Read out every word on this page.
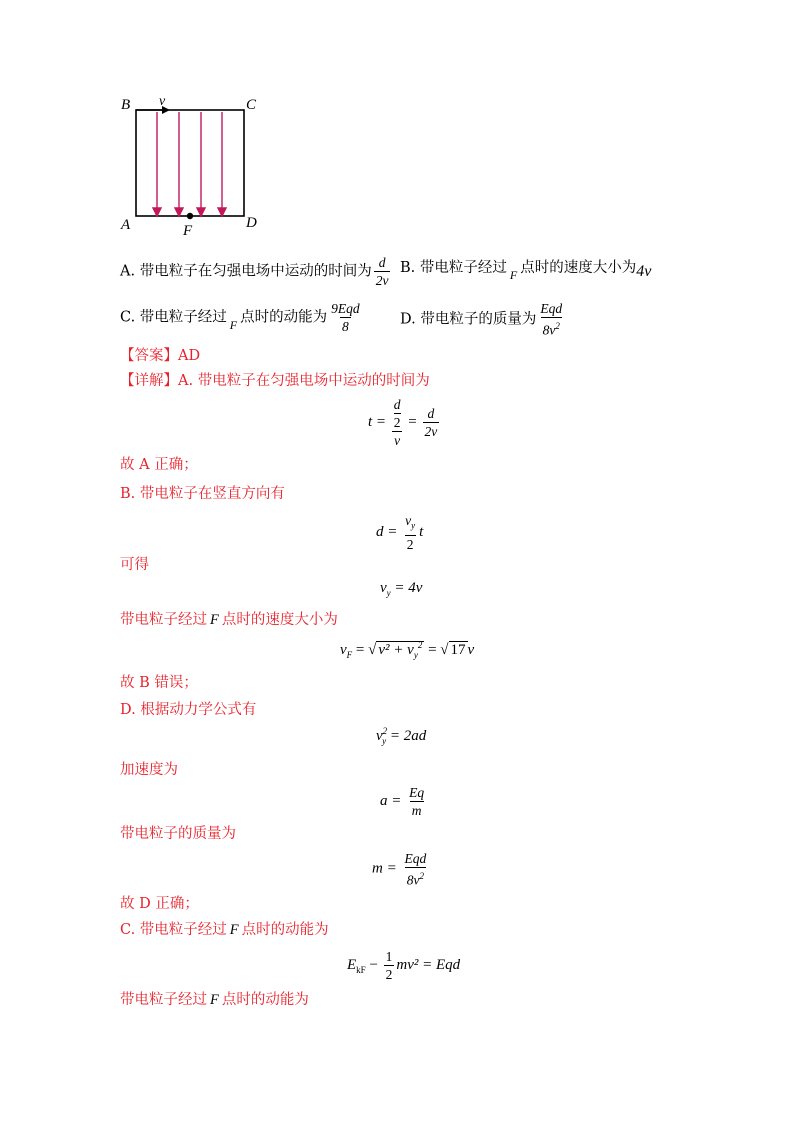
B	C
A	D
F
v
A. 带电粒子在匀强电场中运动的时间为 $\frac{d}{2v} B$. 带电粒子经过 $_F$ 点时的速度大小为4v
C. 带电粒子经过 $_F$ 点时的动能为 $\frac{\text{9Eqd}}{8}$	D. 带电粒子的质量为 $\frac{\text{Eqd}}{8v^2}$
【答案】AD
【详解】A. 带电粒子在匀强电场中运动的时间为
t = d
2
$v = \frac{d}{2v}$
故 A 正确；
B. 带电粒子在竖直方向有
$d = \frac{v_y}{2}$ t
可得
$v_y = 4v$
带电粒子经过 F 点时的速度大小为
$v_F$ = √ $v^2 + v_y^2$ = √ 17 v
故 B 错误；
D. 根据动力学公式有
$v^2_y = 2ad$
加速度为
$a = \frac{Eq}{m}$
带电粒子的质量为
$m = \frac{\text{Eqd}}{8v^2}$
故 D 正确；
C. 带电粒子经过 F 点时的动能为
$E_{kF} - \frac{1}{2} mv^2$ = Eqd
带电粒子经过 F 点时的动能为
